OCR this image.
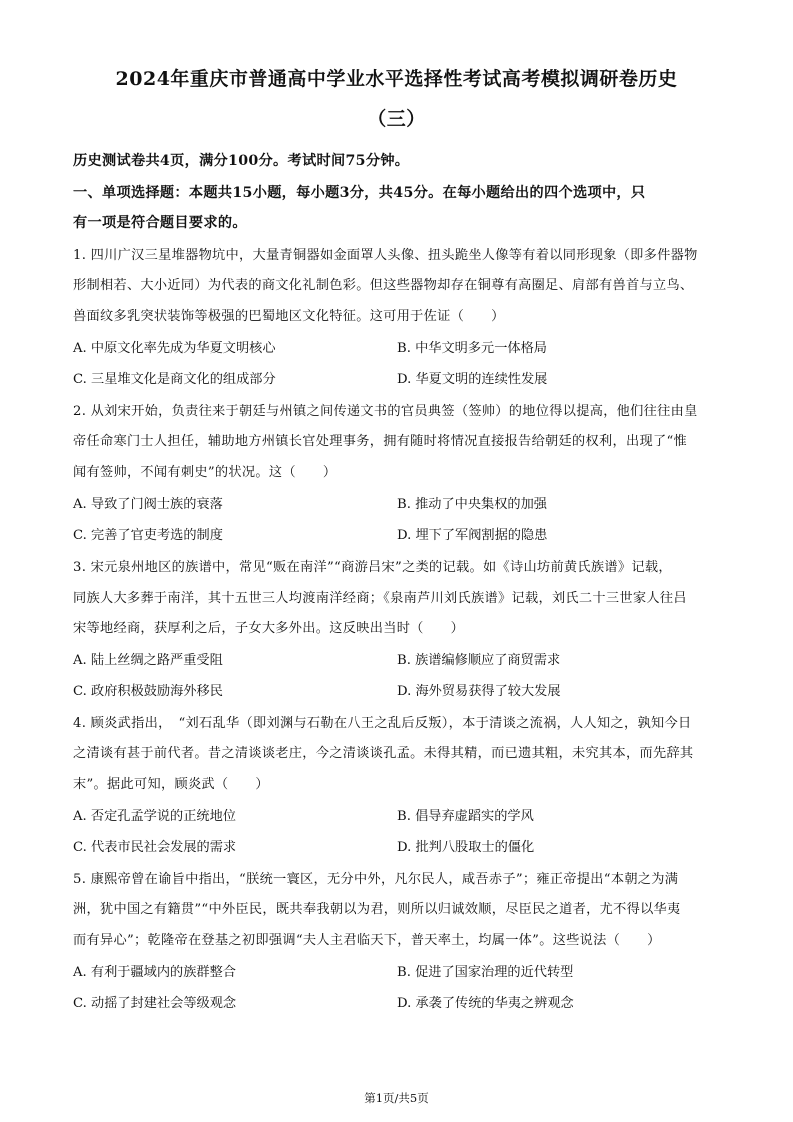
2024年重庆市普通高中学业水平选择性考试高考模拟调研卷历史
（三）
历史测试卷共4页，满分100分。考试时间75分钟。
一、单项选择题：本题共15小题，每小题3分，共45分。在每小题给出的四个选项中，只
有一项是符合题目要求的。
1. 四川广汉三星堆器物坑中，大量青铜器如金面罩人头像、扭头跪坐人像等有着以同形现象（即多件器物
形制相若、大小近同）为代表的商文化礼制色彩。但这些器物却存在铜尊有高圈足、肩部有兽首与立鸟、
兽面纹多乳突状装饰等极强的巴蜀地区文化特征。这可用于佐证（　　）
A. 中原文化率先成为华夏文明核心	B. 中华文明多元一体格局
C. 三星堆文化是商文化的组成部分	D. 华夏文明的连续性发展
2. 从刘宋开始，负责往来于朝廷与州镇之间传递文书的官员典签（签帅）的地位得以提高，他们往往由皇
帝任命寒门士人担任，辅助地方州镇长官处理事务，拥有随时将情况直接报告给朝廷的权利，出现了“惟
闻有签帅，不闻有刺史”的状况。这（　　）
A. 导致了门阀士族的衰落	B. 推动了中央集权的加强
C. 完善了官吏考选的制度	D. 埋下了军阀割据的隐患
3. 宋元泉州地区的族谱中，常见“贩在南洋”“商游吕宋”之类的记载。如《诗山坊前黄氏族谱》记载，
同族人大多葬于南洋，其十五世三人均渡南洋经商；《泉南芦川刘氏族谱》记载，刘氏二十三世家人往吕
宋等地经商，获厚利之后，子女大多外出。这反映出当时（　　）
A. 陆上丝绸之路严重受阻	B. 族谱编修顺应了商贸需求
C. 政府积极鼓励海外移民	D. 海外贸易获得了较大发展
4. 顾炎武指出，　“刘石乱华（即刘渊与石勒在八王之乱后反叛），本于清谈之流祸，人人知之，孰知今日
之清谈有甚于前代者。昔之清谈谈老庄，今之清谈谈孔孟。未得其精，而已遗其粗，未究其本，而先辞其
末”。据此可知，顾炎武（　　）
A. 否定孔孟学说的正统地位	B. 倡导弃虚蹈实的学风
C. 代表市民社会发展的需求	D. 批判八股取士的僵化
5. 康熙帝曾在谕旨中指出，“朕统一寰区，无分中外，凡尔民人，咸吾赤子”；雍正帝提出“本朝之为满
洲，犹中国之有籍贯”“中外臣民，既共奉我朝以为君，则所以归诚效顺，尽臣民之道者，尤不得以华夷
而有异心”；乾隆帝在登基之初即强调“夫人主君临天下，普天率土，均属一体”。这些说法（　　）
A. 有利于疆域内的族群整合	B. 促进了国家治理的近代转型
C. 动摇了封建社会等级观念	D. 承袭了传统的华夷之辨观念
第1页/共5页
